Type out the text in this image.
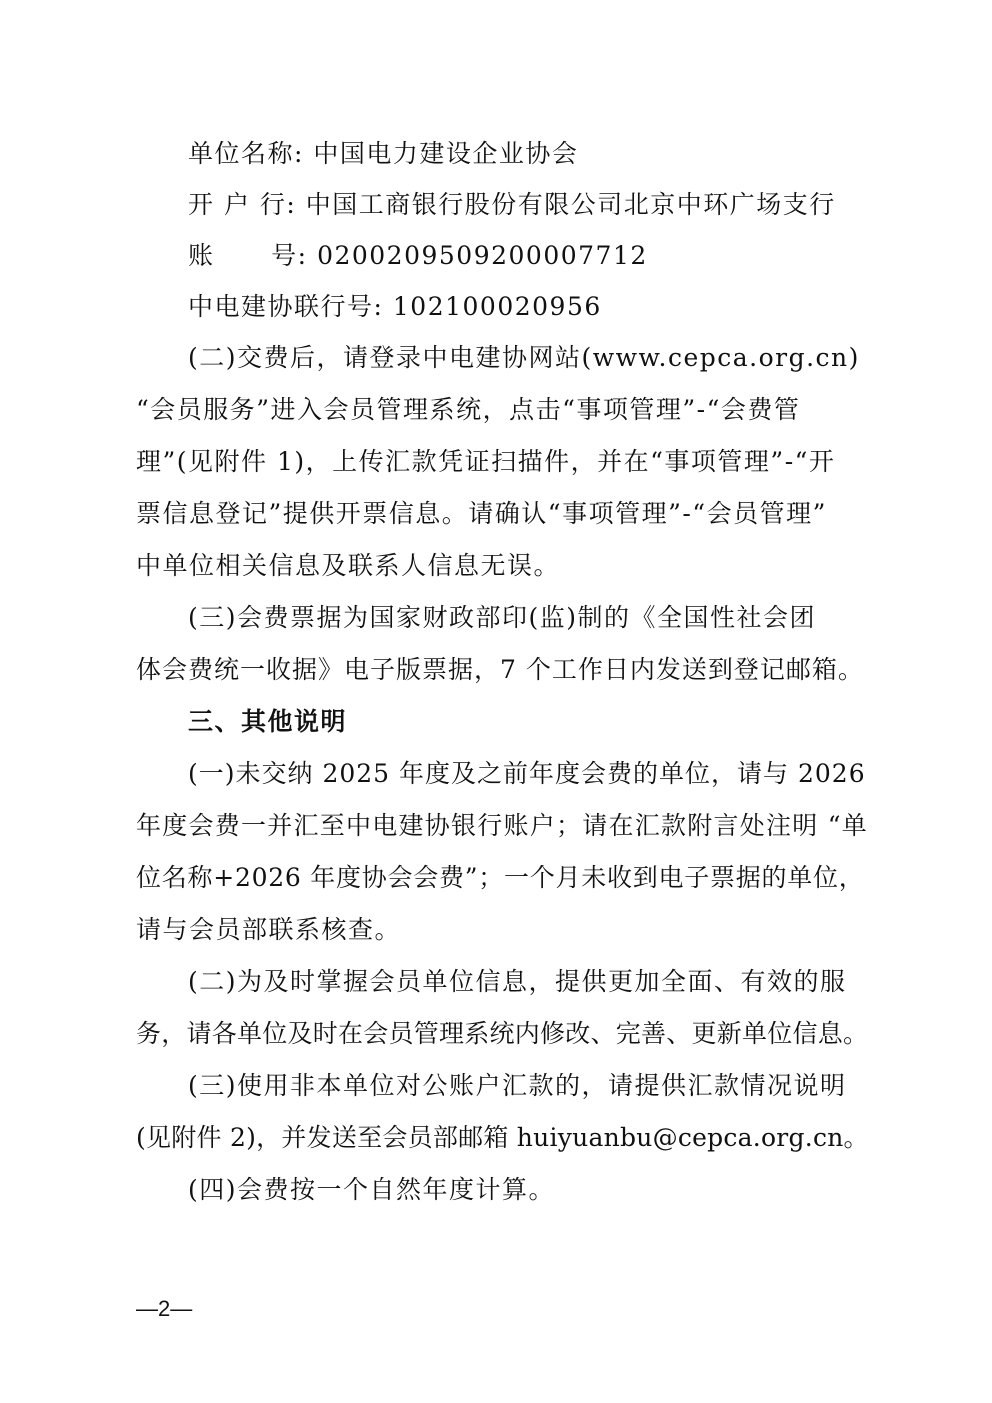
单位名称: 中国电力建设企业协会
开 户 行: 中国工商银行股份有限公司北京中环广场支行
账      号: 0200209509200007712
中电建协联行号: 102100020956
(二)交费后，请登录中电建协网站(www.cepca.org.cn)
“会员服务”进入会员管理系统，点击“事项管理”-“会费管
理”(见附件 1)，上传汇款凭证扫描件，并在“事项管理”-“开
票信息登记”提供开票信息。请确认“事项管理”-“会员管理”
中单位相关信息及联系人信息无误。
(三)会费票据为国家财政部印(监)制的《全国性社会团
体会费统一收据》电子版票据，7 个工作日内发送到登记邮箱。
三、其他说明
(一)未交纳 2025 年度及之前年度会费的单位，请与 2026
年度会费一并汇至中电建协银行账户；请在汇款附言处注明 “单
位名称+2026 年度协会会费”；一个月未收到电子票据的单位，
请与会员部联系核查。
(二)为及时掌握会员单位信息，提供更加全面、有效的服
务，请各单位及时在会员管理系统内修改、完善、更新单位信息。
(三)使用非本单位对公账户汇款的，请提供汇款情况说明
(见附件 2)，并发送至会员部邮箱 huiyuanbu@cepca.org.cn。
(四)会费按一个自然年度计算。
—2—
